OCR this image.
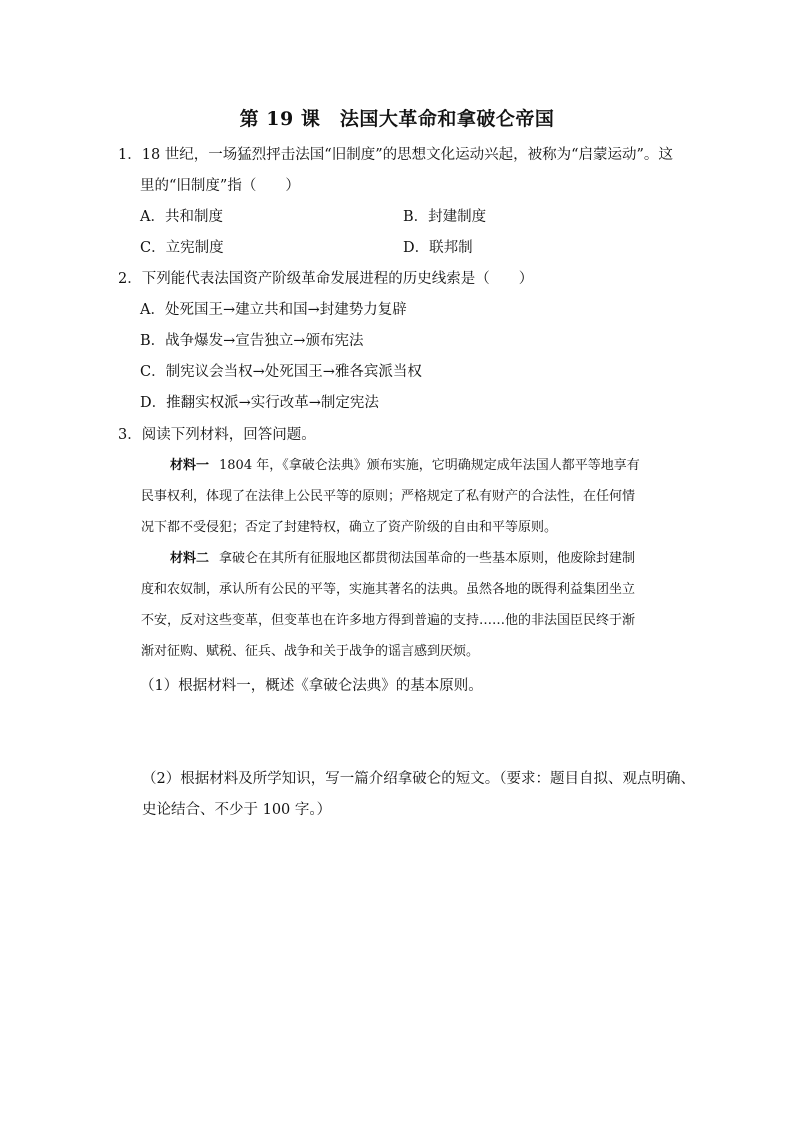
第 19 课　法国大革命和拿破仑帝国
1．18 世纪，一场猛烈抨击法国“旧制度”的思想文化运动兴起，被称为“启蒙运动”。这
里的“旧制度”指（　　）
A．共和制度	B．封建制度
C．立宪制度	D．联邦制
2．下列能代表法国资产阶级革命发展进程的历史线索是（　　）
A．处死国王→建立共和国→封建势力复辟
B．战争爆发→宣告独立→颁布宪法
C．制宪议会当权→处死国王→雅各宾派当权
D．推翻实权派→实行改革→制定宪法
3．阅读下列材料，回答问题。
材料一 1804 年，《拿破仑法典》颁布实施，它明确规定成年法国人都平等地享有
民事权利，体现了在法律上公民平等的原则；严格规定了私有财产的合法性，在任何情
况下都不受侵犯；否定了封建特权，确立了资产阶级的自由和平等原则。
材料二 拿破仑在其所有征服地区都贯彻法国革命的一些基本原则，他废除封建制
度和农奴制，承认所有公民的平等，实施其著名的法典。虽然各地的既得利益集团坐立
不安，反对这些变革，但变革也在许多地方得到普遍的支持……他的非法国臣民终于渐
渐对征购、赋税、征兵、战争和关于战争的谣言感到厌烦。
（1）根据材料一，概述《拿破仑法典》的基本原则。
（2）根据材料及所学知识，写一篇介绍拿破仑的短文。（要求：题目自拟、观点明确、
史论结合、不少于 100 字。）
